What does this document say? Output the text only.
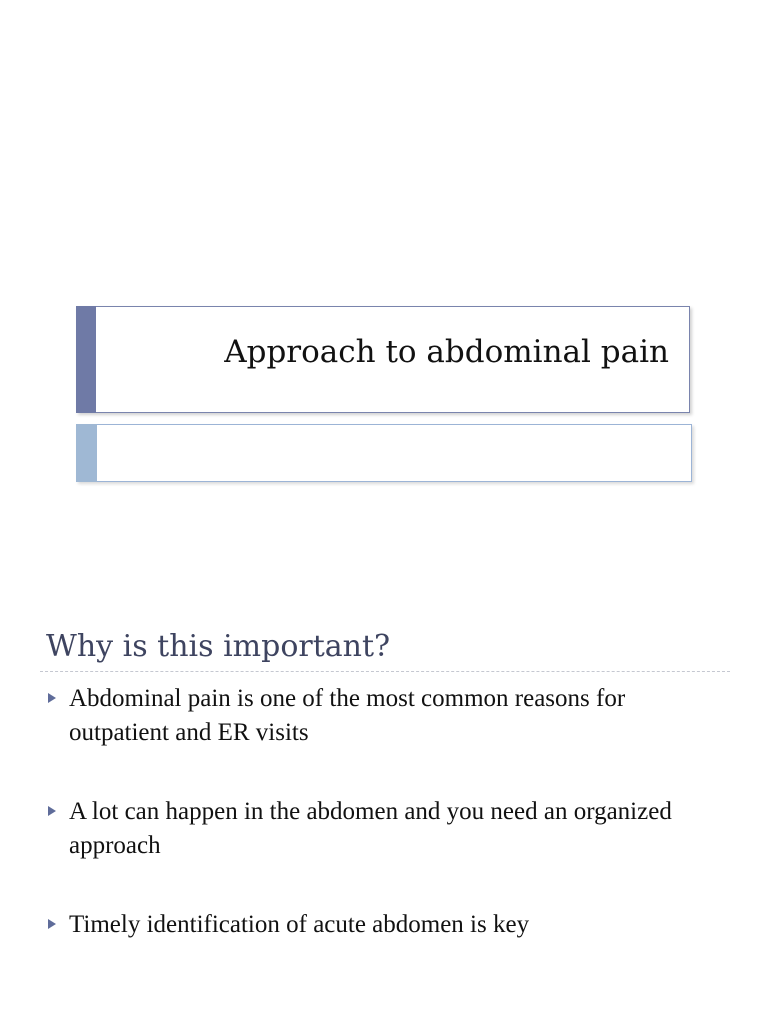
Approach to abdominal pain
Why is this important?
Abdominal pain is one of the most common reasons for outpatient and ER visits
A lot can happen in the abdomen and you need an organized approach
Timely identification of acute abdomen is key
